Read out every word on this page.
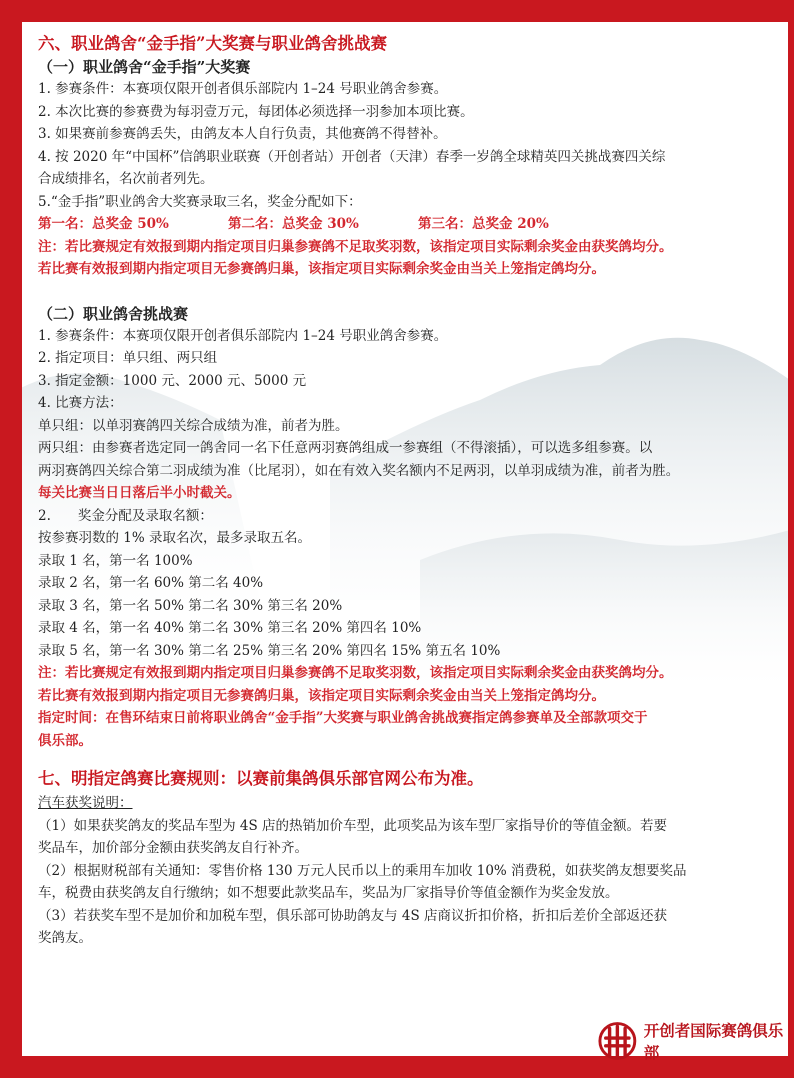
六、职业鸽舍“金手指”大奖赛与职业鸽舍挑战赛
（一）职业鸽舍“金手指”大奖赛
1. 参赛条件：本赛项仅限开创者俱乐部院内 1–24 号职业鸽舍参赛。
2. 本次比赛的参赛费为每羽壹万元，每团体必须选择一羽参加本项比赛。
3. 如果赛前参赛鸽丢失，由鸽友本人自行负责，其他赛鸽不得替补。
4. 按 2020 年“中国杯”信鸽职业联赛（开创者站）开创者（天津）春季一岁鸽全球精英四关挑战赛四关综
合成绩排名，名次前者列先。
5.“金手指”职业鸽舍大奖赛录取三名，奖金分配如下：
第一名：总奖金 50%	第二名：总奖金 30%	第三名：总奖金 20%
注：若比赛规定有效报到期内指定项目归巢参赛鸽不足取奖羽数，该指定项目实际剩余奖金由获奖鸽均分。
若比赛有效报到期内指定项目无参赛鸽归巢，该指定项目实际剩余奖金由当关上笼指定鸽均分。
（二）职业鸽舍挑战赛
1. 参赛条件：本赛项仅限开创者俱乐部院内 1–24 号职业鸽舍参赛。
2. 指定项目：单只组、两只组
3. 指定金额：1000 元、2000 元、5000 元
4. 比赛方法：
单只组：以单羽赛鸽四关综合成绩为准，前者为胜。
两只组：由参赛者选定同一鸽舍同一名下任意两羽赛鸽组成一参赛组（不得滚插），可以选多组参赛。以
两羽赛鸽四关综合第二羽成绩为准（比尾羽），如在有效入奖名额内不足两羽，以单羽成绩为准，前者为胜。
每关比赛当日日落后半小时截关。
2.　　奖金分配及录取名额：
按参赛羽数的 1% 录取名次，最多录取五名。
录取 1 名，第一名 100%
录取 2 名，第一名 60% 第二名 40%
录取 3 名，第一名 50% 第二名 30% 第三名 20%
录取 4 名，第一名 40% 第二名 30% 第三名 20% 第四名 10%
录取 5 名，第一名 30% 第二名 25% 第三名 20% 第四名 15% 第五名 10%
注：若比赛规定有效报到期内指定项目归巢参赛鸽不足取奖羽数，该指定项目实际剩余奖金由获奖鸽均分。
若比赛有效报到期内指定项目无参赛鸽归巢，该指定项目实际剩余奖金由当关上笼指定鸽均分。
指定时间：在售环结束日前将职业鸽舍“金手指”大奖赛与职业鸽舍挑战赛指定鸽参赛单及全部款项交于
俱乐部。
七、明指定鸽赛比赛规则：以赛前集鸽俱乐部官网公布为准。
汽车获奖说明：
（1）如果获奖鸽友的奖品车型为 4S 店的热销加价车型，此项奖品为该车型厂家指导价的等值金额。若要
奖品车，加价部分金额由获奖鸽友自行补齐。
（2）根据财税部有关通知：零售价格 130 万元人民币以上的乘用车加收 10% 消费税，如获奖鸽友想要奖品
车，税费由获奖鸽友自行缴纳；如不想要此款奖品车，奖品为厂家指导价等值金额作为奖金发放。
（3）若获奖车型不是加价和加税车型，俱乐部可协助鸽友与 4S 店商议折扣价格，折扣后差价全部返还获
奖鸽友。
开创者国际赛鸽俱乐部
